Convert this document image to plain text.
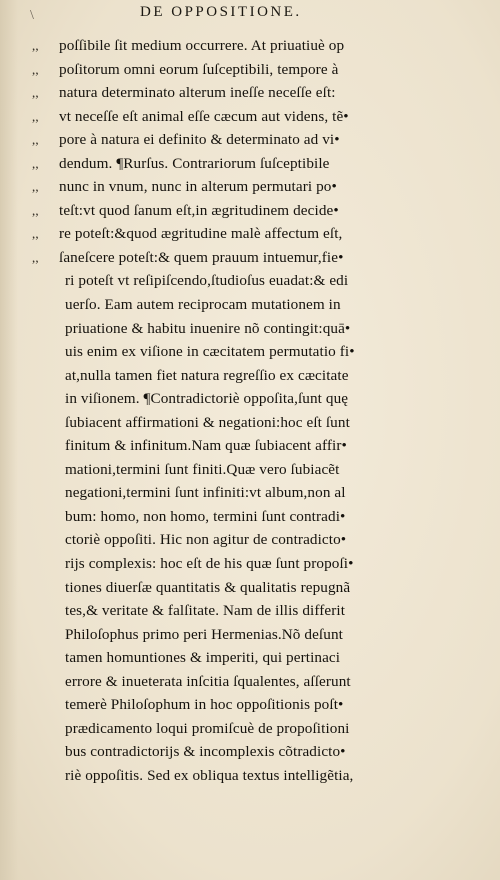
\	DE OPPOSITIONE.
,, poſſibile ſit medium occurrere. At priuatiuè op
,, poſitorum omni eorum ſuſceptibili, tempore à
,, natura determinato alterum ineſſe neceſſe eſt:
,, vt neceſſe eſt animal eſſe cæcum aut videns, tẽ•
,, pore à natura ei definito & determinato ad vi•
,, dendum. ¶Rurſus. Contrariorum ſuſceptibile
,, nunc in vnum, nunc in alterum permutari po•
,, teſt:vt quod ſanum eſt,in ægritudinem decide•
,, re poteſt:&quod ægritudine malè affectum eſt,
,, ſaneſcere poteſt:& quem prauum intuemur,fie•
ri poteſt vt reſipiſcendo,ſtudioſus euadat:& edi
uerſo. Eam autem reciprocam mutationem in
priuatione & habitu inuenire nõ contingit:quā•
uis enim ex viſione in cæcitatem permutatio fi•
at,nulla tamen fiet natura regreſſio ex cæcitate
in viſionem. ¶Contradictoriè oppoſita,ſunt quę
ſubiacent affirmationi & negationi:hoc eſt ſunt
finitum & infinitum.Nam quæ ſubiacent affir•
mationi,termini ſunt finiti.Quæ vero ſubiacẽt
negationi,termini ſunt infiniti:vt album,non al
bum: homo, non homo, termini ſunt contradi•
ctoriè oppoſiti. Hic non agitur de contradicto•
rijs complexis: hoc eſt de his quæ ſunt propoſi•
tiones diuerſæ quantitatis & qualitatis repugnã
tes,& veritate & falſitate. Nam de illis differit
Philoſophus primo peri Hermenias.Nõ deſunt
tamen homuntiones & imperiti, qui pertinaci
errore & inueterata inſcitia ſqualentes, aſſerunt
temerè Philoſophum in hoc oppoſitionis poſt•
prædicamento loqui promiſcuè de propoſitioni
bus contradictorijs & incomplexis cõtradicto•
riè oppoſitis. Sed ex obliqua textus intelligẽtia,
